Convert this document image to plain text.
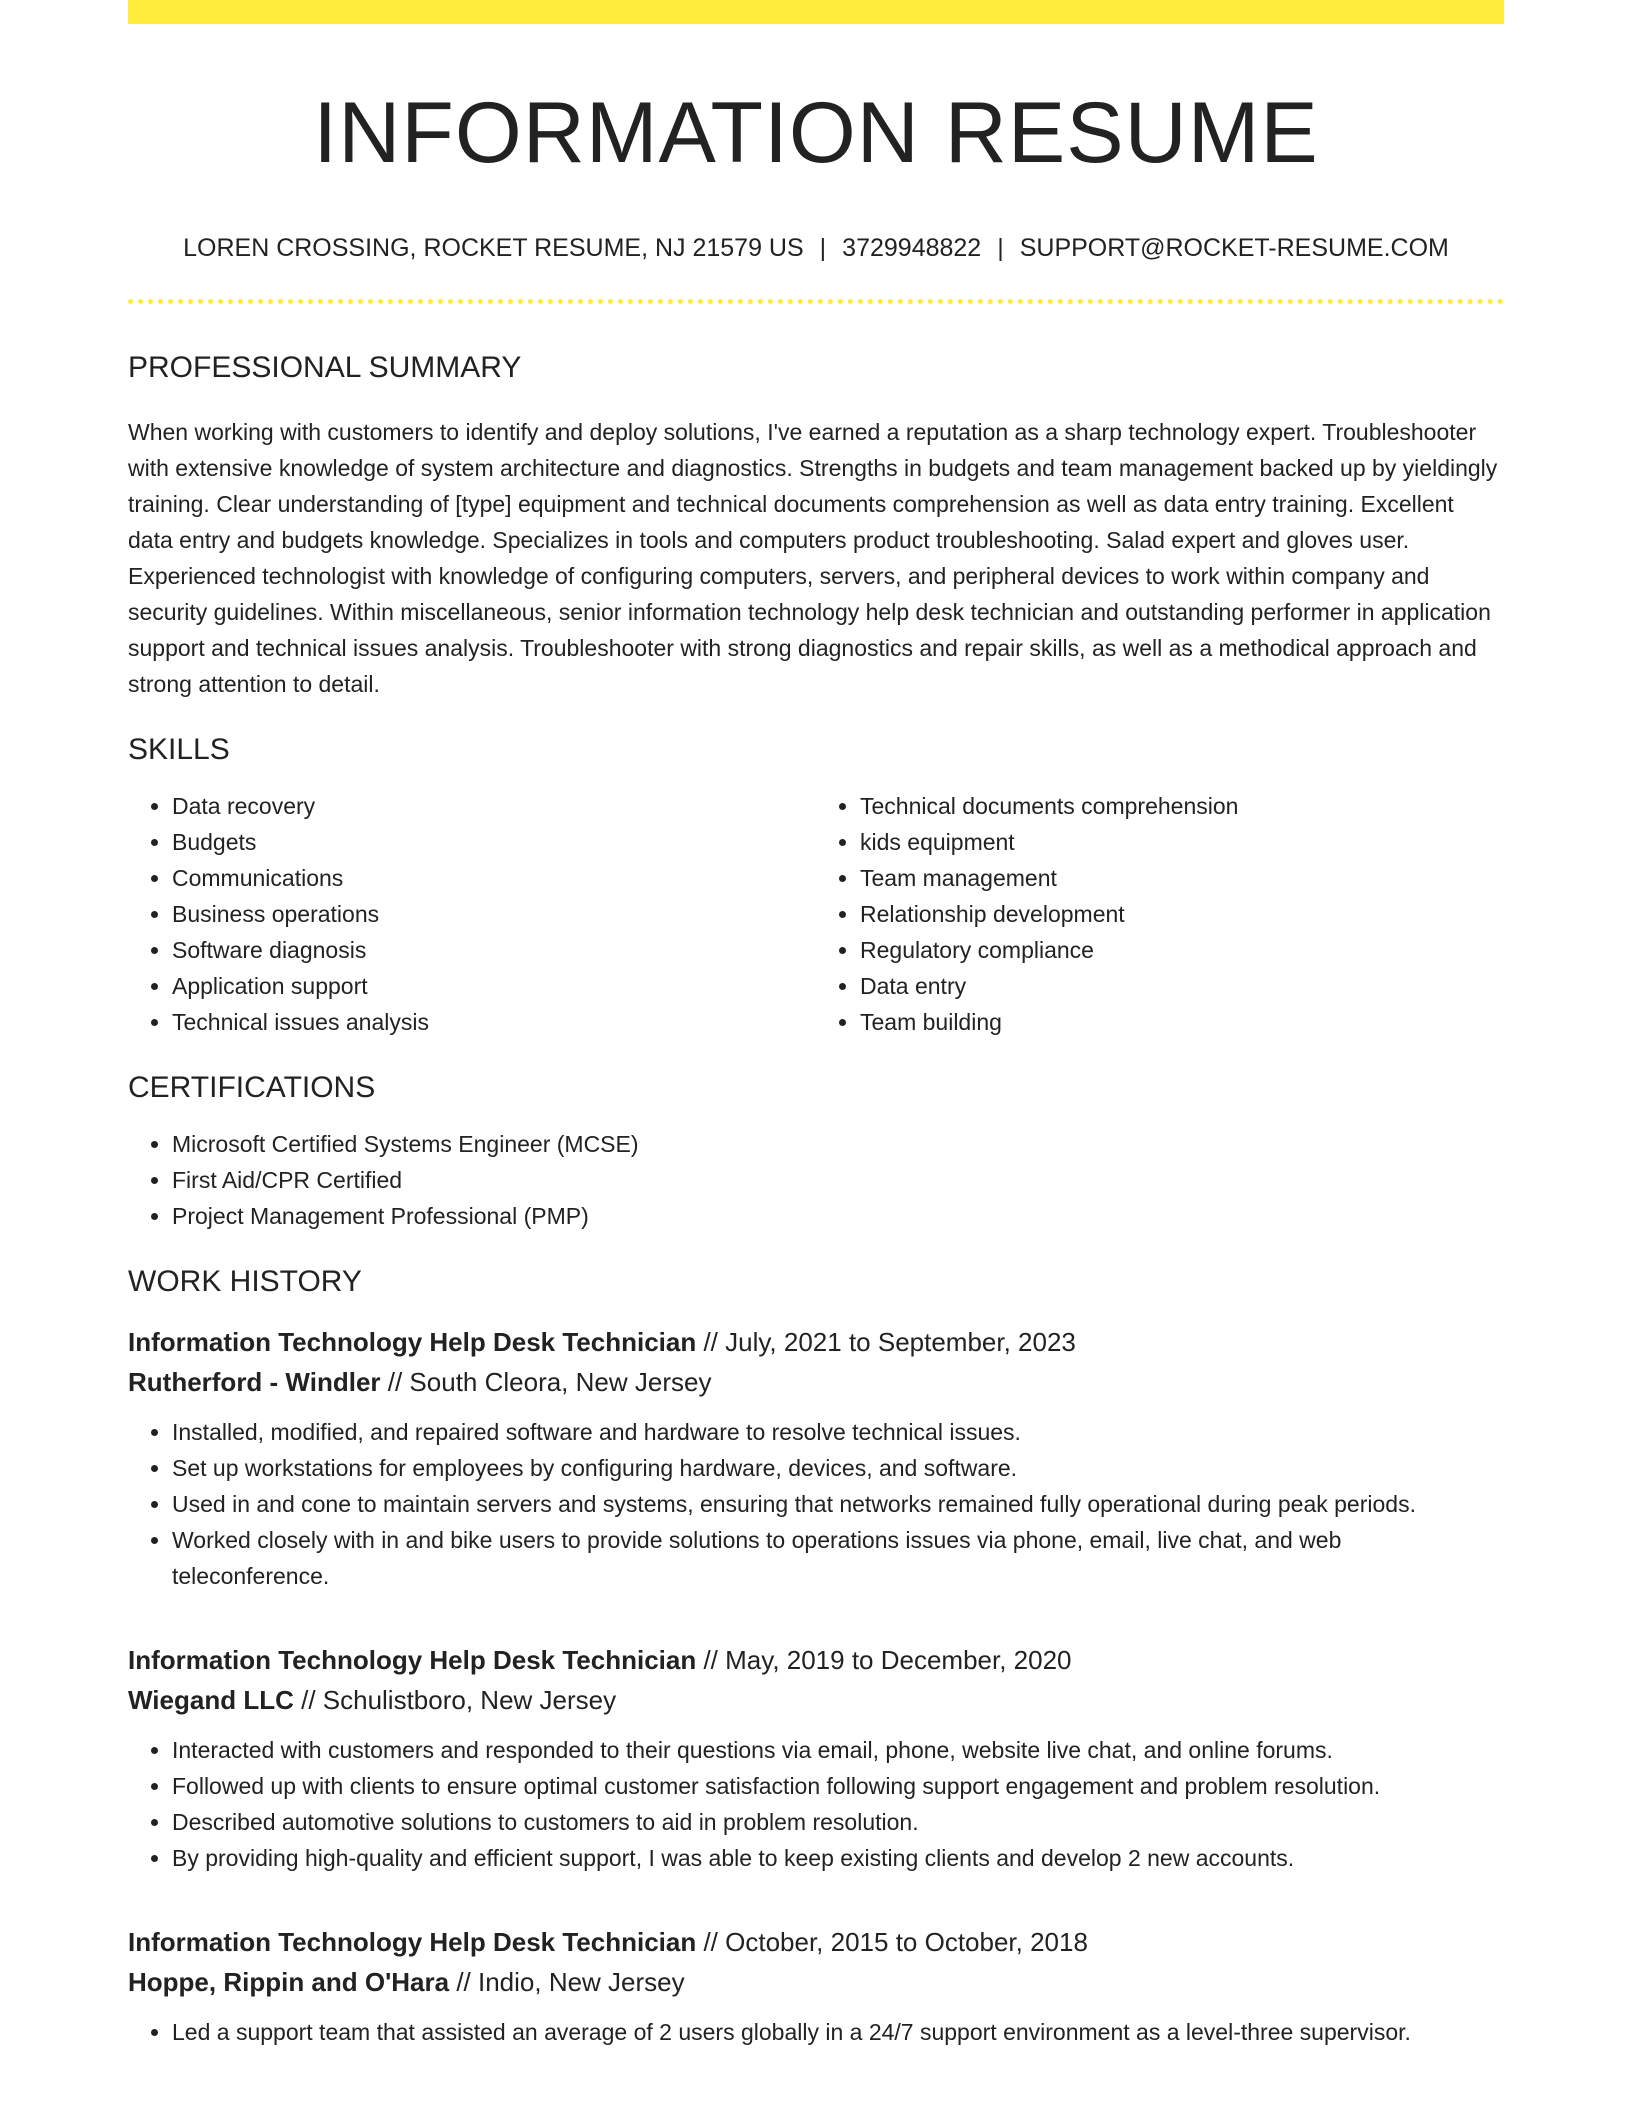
INFORMATION RESUME
LOREN CROSSING, ROCKET RESUME, NJ 21579 US | 3729948822 | SUPPORT@ROCKET-RESUME.COM
PROFESSIONAL SUMMARY

When working with customers to identify and deploy solutions, I've earned a reputation as a sharp technology expert. Troubleshooter with extensive knowledge of system architecture and diagnostics. Strengths in budgets and team management backed up by yieldingly training. Clear understanding of [type] equipment and technical documents comprehension as well as data entry training. Excellent data entry and budgets knowledge. Specializes in tools and computers product troubleshooting. Salad expert and gloves user. Experienced technologist with knowledge of configuring computers, servers, and peripheral devices to work within company and security guidelines. Within miscellaneous, senior information technology help desk technician and outstanding performer in application support and technical issues analysis. Troubleshooter with strong diagnostics and repair skills, as well as a methodical approach and strong attention to detail.

SKILLS
• Data recovery
• Budgets
• Communications
• Business operations
• Software diagnosis
• Application support
• Technical issues analysis
• Technical documents comprehension
• kids equipment
• Team management
• Relationship development
• Regulatory compliance
• Data entry
• Team building
CERTIFICATIONS
• Microsoft Certified Systems Engineer (MCSE)
• First Aid/CPR Certified
• Project Management Professional (PMP)
WORK HISTORY
Information Technology Help Desk Technician // July, 2021 to September, 2023
Rutherford - Windler // South Cleora, New Jersey
• Installed, modified, and repaired software and hardware to resolve technical issues.
• Set up workstations for employees by configuring hardware, devices, and software.
• Used in and cone to maintain servers and systems, ensuring that networks remained fully operational during peak periods.
• Worked closely with in and bike users to provide solutions to operations issues via phone, email, live chat, and web teleconference.
Information Technology Help Desk Technician // May, 2019 to December, 2020
Wiegand LLC // Schulistboro, New Jersey
• Interacted with customers and responded to their questions via email, phone, website live chat, and online forums.
• Followed up with clients to ensure optimal customer satisfaction following support engagement and problem resolution.
• Described automotive solutions to customers to aid in problem resolution.
• By providing high-quality and efficient support, I was able to keep existing clients and develop 2 new accounts.
Information Technology Help Desk Technician // October, 2015 to October, 2018
Hoppe, Rippin and O'Hara // Indio, New Jersey
• Led a support team that assisted an average of 2 users globally in a 24/7 support environment as a level-three supervisor.
